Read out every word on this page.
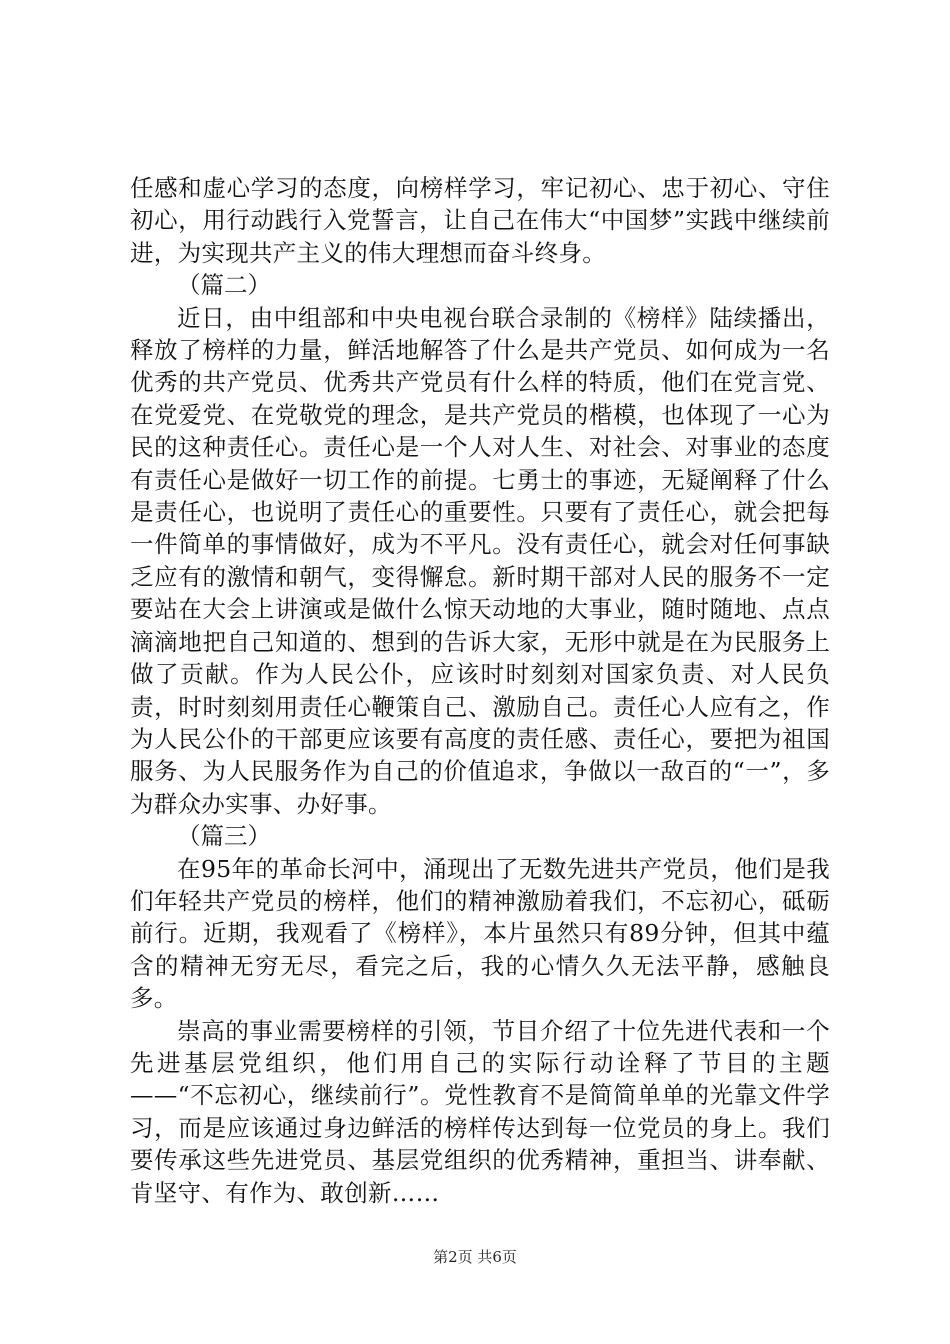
任感和虚心学习的态度，向榜样学习，牢记初心、忠于初心、守住初心，用行动践行入党誓言，让自己在伟大“中国梦”实践中继续前进，为实现共产主义的伟大理想而奋斗终身。

（篇二）

近日，由中组部和中央电视台联合录制的《榜样》陆续播出，释放了榜样的力量，鲜活地解答了什么是共产党员、如何成为一名优秀的共产党员、优秀共产党员有什么样的特质，他们在党言党、在党爱党、在党敬党的理念，是共产党员的楷模，也体现了一心为民的这种责任心。责任心是一个人对人生、对社会、对事业的态度有责任心是做好一切工作的前提。七勇士的事迹，无疑阐释了什么是责任心，也说明了责任心的重要性。只要有了责任心，就会把每一件简单的事情做好，成为不平凡。没有责任心，就会对任何事缺乏应有的激情和朝气，变得懈怠。新时期干部对人民的服务不一定要站在大会上讲演或是做什么惊天动地的大事业，随时随地、点点滴滴地把自己知道的、想到的告诉大家，无形中就是在为民服务上做了贡献。作为人民公仆，应该时时刻刻对国家负责、对人民负责，时时刻刻用责任心鞭策自己、激励自己。责任心人应有之，作为人民公仆的干部更应该要有高度的责任感、责任心，要把为祖国服务、为人民服务作为自己的价值追求，争做以一敌百的“一”，多为群众办实事、办好事。

（篇三）

在95年的革命长河中，涌现出了无数先进共产党员，他们是我们年轻共产党员的榜样，他们的精神激励着我们，不忘初心，砥砺前行。近期，我观看了《榜样》，本片虽然只有89分钟，但其中蕴含的精神无穷无尽，看完之后，我的心情久久无法平静，感触良多。

崇高的事业需要榜样的引领，节目介绍了十位先进代表和一个先进基层党组织，他们用自己的实际行动诠释了节目的主题——“不忘初心，继续前行”。党性教育不是简简单单的光靠文件学习，而是应该通过身边鲜活的榜样传达到每一位党员的身上。我们要传承这些先进党员、基层党组织的优秀精神，重担当、讲奉献、肯坚守、有作为、敢创新……

第2页 共6页
